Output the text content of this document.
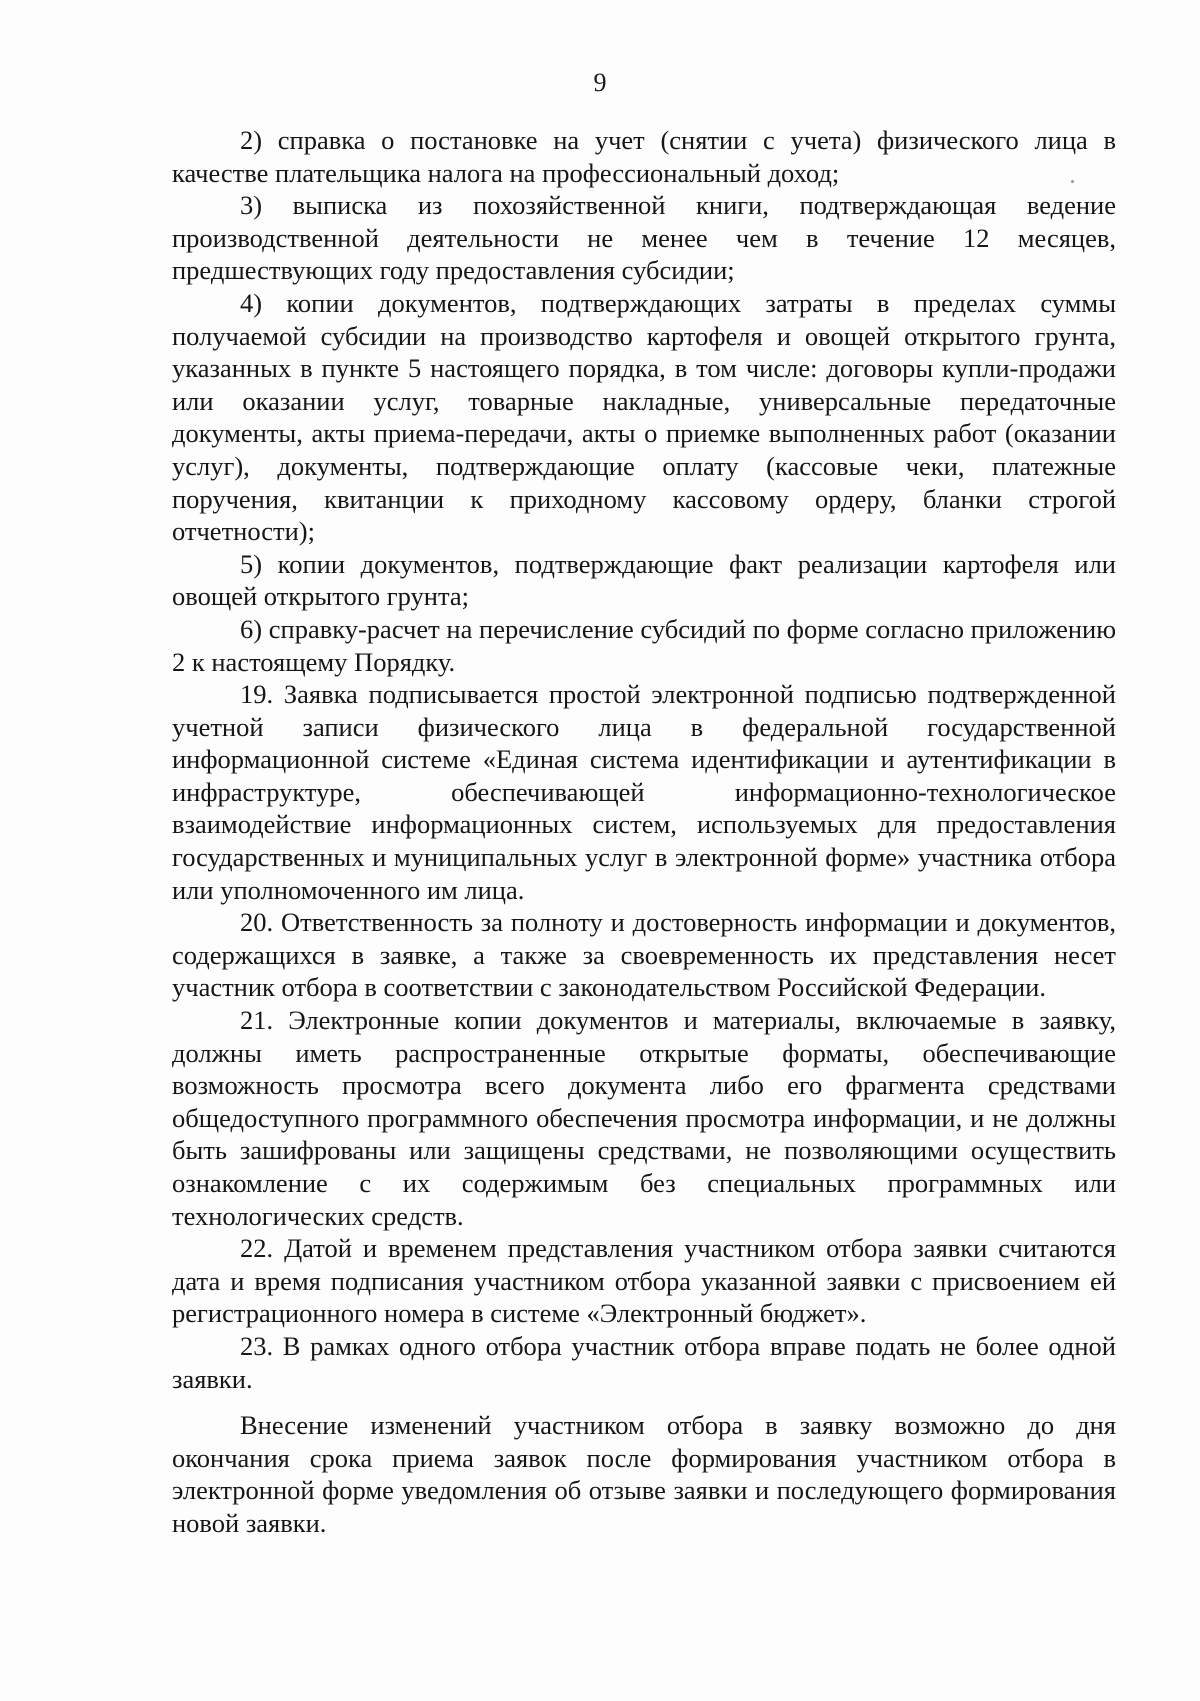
9

2) справка о постановке на учет (снятии с учета) физического лица в качестве плательщика налога на профессиональный доход;

3) выписка из похозяйственной книги, подтверждающая ведение производственной деятельности не менее чем в течение 12 месяцев, предшествующих году предоставления субсидии;

4) копии документов, подтверждающих затраты в пределах суммы получаемой субсидии на производство картофеля и овощей открытого грунта, указанных в пункте 5 настоящего порядка, в том числе: договоры купли-продажи или оказании услуг, товарные накладные, универсальные передаточные документы, акты приема-передачи, акты о приемке выполненных работ (оказании услуг), документы, подтверждающие оплату (кассовые чеки, платежные поручения, квитанции к приходному кассовому ордеру, бланки строгой отчетности);

5) копии документов, подтверждающие факт реализации картофеля или овощей открытого грунта;

6) справку-расчет на перечисление субсидий по форме согласно приложению 2 к настоящему Порядку.

19. Заявка подписывается простой электронной подписью подтвержденной учетной записи физического лица в федеральной государственной информационной системе «Единая система идентификации и аутентификации в инфраструктуре, обеспечивающей информационно-технологическое взаимодействие информационных систем, используемых для предоставления государственных и муниципальных услуг в электронной форме» участника отбора или уполномоченного им лица.

20. Ответственность за полноту и достоверность информации и документов, содержащихся в заявке, а также за своевременность их представления несет участник отбора в соответствии с законодательством Российской Федерации.

21. Электронные копии документов и материалы, включаемые в заявку, должны иметь распространенные открытые форматы, обеспечивающие возможность просмотра всего документа либо его фрагмента средствами общедоступного программного обеспечения просмотра информации, и не должны быть зашифрованы или защищены средствами, не позволяющими осуществить ознакомление с их содержимым без специальных программных или технологических средств.

22. Датой и временем представления участником отбора заявки считаются дата и время подписания участником отбора указанной заявки с присвоением ей регистрационного номера в системе «Электронный бюджет».

23. В рамках одного отбора участник отбора вправе подать не более одной заявки.

Внесение изменений участником отбора в заявку возможно до дня окончания срока приема заявок после формирования участником отбора в электронной форме уведомления об отзыве заявки и последующего формирования новой заявки.
